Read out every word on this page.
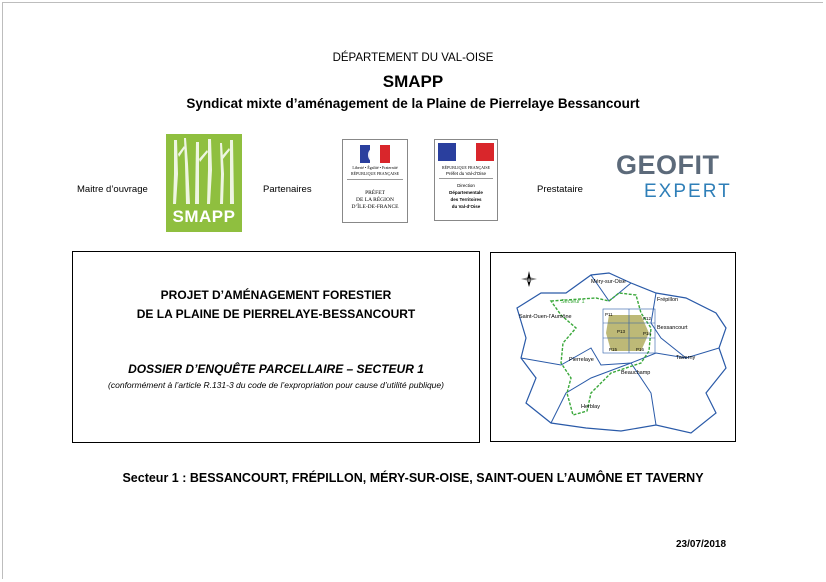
DÉPARTEMENT DU VAL-OISE
SMAPP
Syndicat mixte d’aménagement de la Plaine de Pierrelaye Bessancourt
Maitre d’ouvrage
SMAPP
Partenaires
Liberté • Égalité • Fraternité
RÉPUBLIQUE FRANÇAISE
PRÉFET
DE LA RÉGION
D’ÎLE-DE-FRANCE
RÉPUBLIQUE FRANÇAISE
Préfet du Val-d’Oise
Direction
Départementale
des Territoires
du Val-d’Oise
Prestataire
GEOFIT
EXPERT
PROJET D’AMÉNAGEMENT FORESTIER
DE LA PLAINE DE PIERRELAYE-BESSANCOURT
DOSSIER D’ENQUÊTE PARCELLAIRE – SECTEUR 1
(conformément à l’article R.131-3 du code de l’expropriation pour cause d’utilité publique)
Méry-sur-Oise
Frépillon
Secteur 1
Saint-Ouen-l’Aumône
Bessancourt
Taverny
Pierrelaye
Beauchamp
Herblay
P11
P12
P13	P14
P15	P16
Secteur 1 : BESSANCOURT, FRÉPILLON, MÉRY-SUR-OISE, SAINT-OUEN L’AUMÔNE ET TAVERNY
23/07/2018
